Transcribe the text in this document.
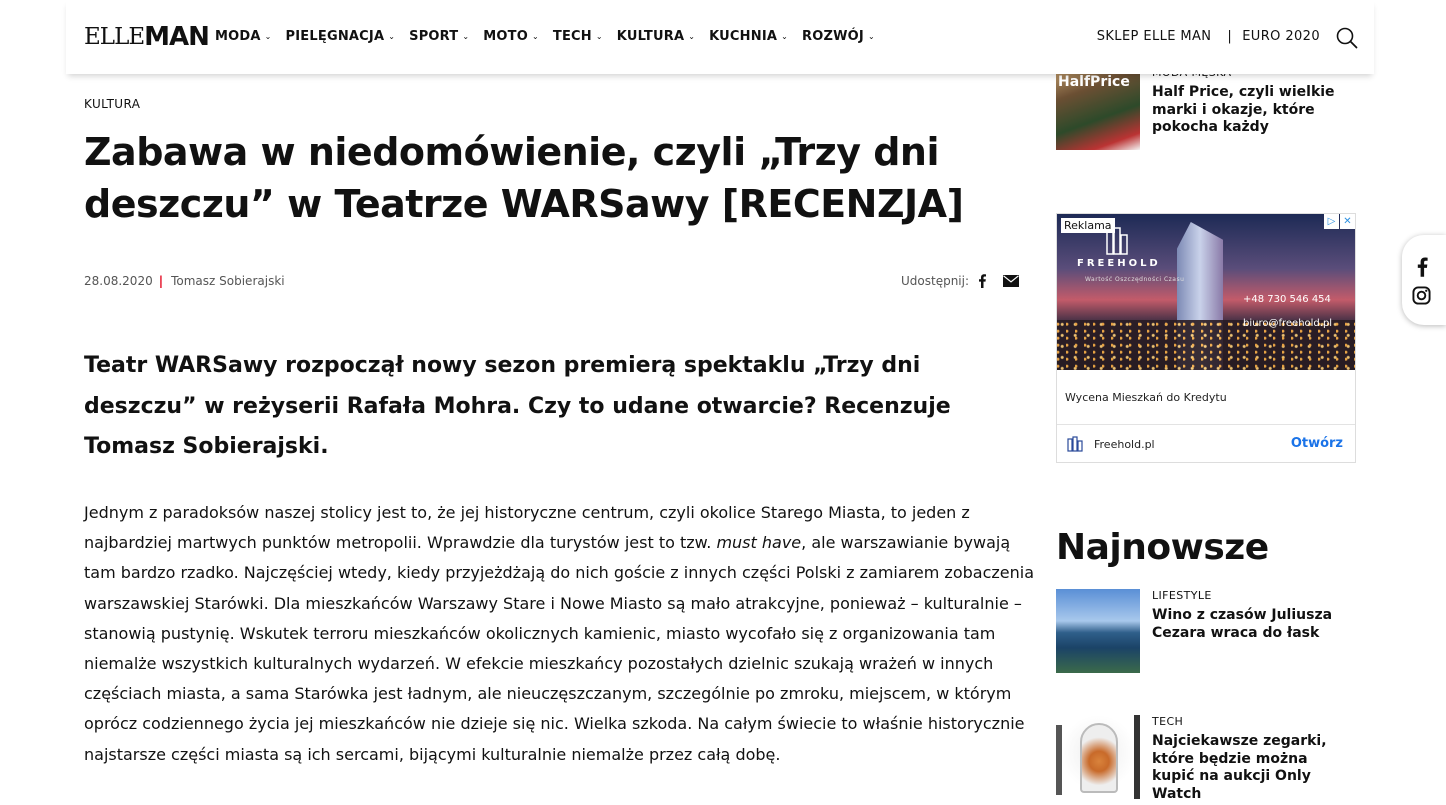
ELLE MAN MODA ⌄ PIELĘGNACJA ⌄ SPORT ⌄ MOTO ⌄ TECH ⌄ KULTURA ⌄ KUCHNIA ⌄ ROZWÓJ ⌄	SKLEP ELLE MAN | EURO 2020
KULTURA
Zabawa w niedomówienie, czyli „Trzy dni deszczu” w Teatrze WARSawy [RECENZJA]
28.08.2020 | Tomasz Sobierajski	Udostępnij:

Teatr WARSawy rozpoczął nowy sezon premierą spektaklu „Trzy dni deszczu” w reżyserii Rafała Mohra. Czy to udane otwarcie? Recenzuje Tomasz Sobierajski.

Jednym z paradoksów naszej stolicy jest to, że jej historyczne centrum, czyli okolice Starego Miasta, to jeden z najbardziej martwych punktów metropolii. Wprawdzie dla turystów jest to tzw. must have, ale warszawianie bywają tam bardzo rzadko. Najczęściej wtedy, kiedy przyjeżdżają do nich goście z innych części Polski z zamiarem zobaczenia warszawskiej Starówki. Dla mieszkańców Warszawy Stare i Nowe Miasto są mało atrakcyjne, ponieważ – kulturalnie – stanowią pustynię. Wskutek terroru mieszkańców okolicznych kamienic, miasto wycofało się z organizowania tam niemalże wszystkich kulturalnych wydarzeń. W efekcie mieszkańcy pozostałych dzielnic szukają wrażeń w innych częściach miasta, a sama Starówka jest ładnym, ale nieuczęszczanym, szczególnie po zmroku, miejscem, w którym oprócz codziennego życia jej mieszkańców nie dzieje się nic. Wielka szkoda. Na całym świecie to właśnie historycznie najstarsze części miasta są ich sercami, bijącymi kulturalnie niemalże przez całą dobę.

HalfPrice
Half Price, czyli wielkie marki i okazje, które pokocha każdy
FREEHOLD
Wartość Oszczędności Czasu
+48 730 546 454
biuro@freehold.pl
Reklama	▷ ✕
Wycena Mieszkań do Kredytu
Freehold.pl	Otwórz
Najnowsze
LIFESTYLE
Wino z czasów Juliusza Cezara wraca do łask
TECH
Najciekawsze zegarki, które będzie można kupić na aukcji Only Watch
